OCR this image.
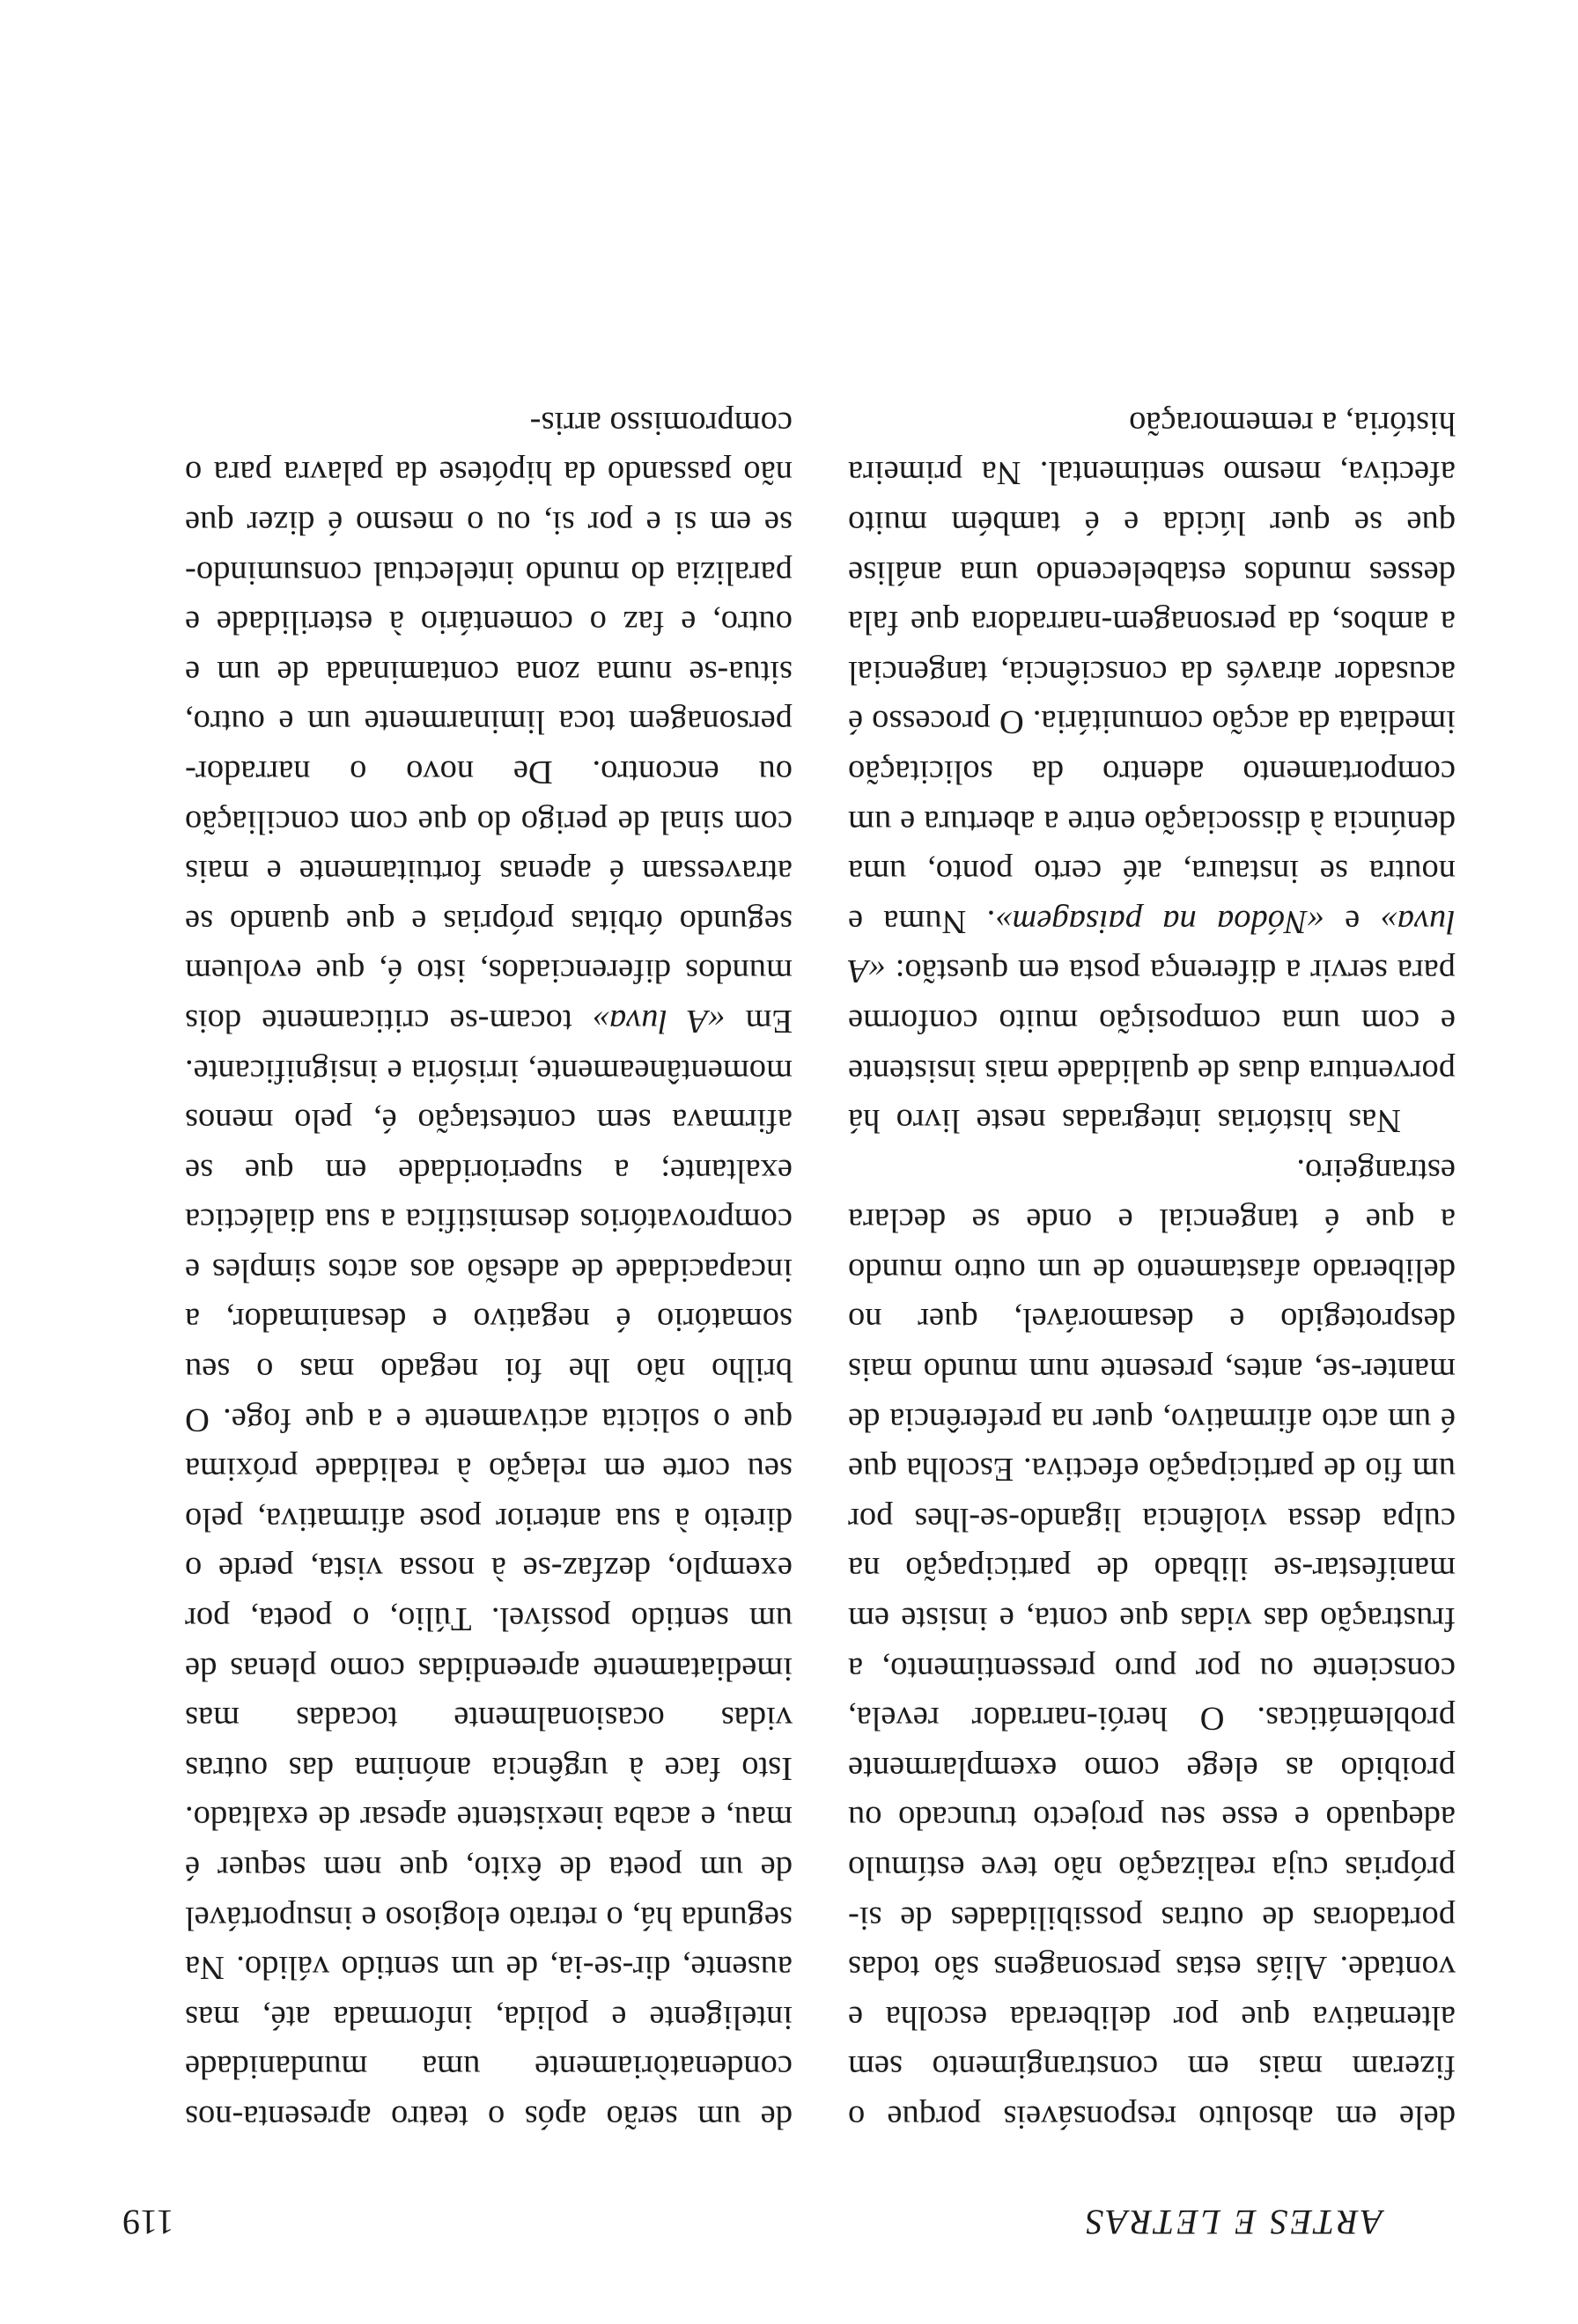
ARTES E LETRAS
119

dele em absoluto responsáveis porque o fizeram mais em constrangimento sem alternativa que por deliberada escolha e vontade. Aliás estas personagens são todas portadoras de outras possibilidades de si-próprias cuja realização não teve estímulo adequado e esse seu projecto truncado ou proibido as elege como exemplarmente problemáticas. O herói-narrador revela, consciente ou por puro pressentimento, a frustração das vidas que conta, e insiste em manifestar-se ilibado de participação na culpa dessa violência ligando-se-lhes por um fio de participação efectiva. Escolha que é um acto afirmativo, quer na preferência de manter-se, antes, presente num mundo mais desprotegido e desamorável, quer no deliberado afastamento de um outro mundo a que é tangencial e onde se declara estrangeiro.

Nas histórias integradas neste livro há porventura duas de qualidade mais insistente e com uma composição muito conforme para servir a diferença posta em questão: «A luva» e «Nódoa na paisagem». Numa e noutra se instaura, até certo ponto, uma denúncia à dissociação entre a abertura e um comportamento adentro da solicitação imediata da acção comunitária. O processo é acusador através da consciência, tangencial a ambos, da personagem-narradora que fala desses mundos estabelecendo uma análise que se quer lúcida e é também muito afectiva, mesmo sentimental. Na primeira história, a rememoração

de um serão após o teatro apresenta-nos condenatòriamente uma mundanidade inteligente e polida, informada até, mas ausente, dir-se-ia, de um sentido válido. Na segunda há, o retrato elogioso e insuportável de um poeta de êxito, que nem sequer é mau, e acaba inexistente apesar de exaltado. Isto face à urgência anónima das outras vidas ocasionalmente tocadas mas imediatamente apreendidas como plenas de um sentido possível. Túlio, o poeta, por exemplo, dezfaz-se à nossa vista, perde o direito à sua anterior pose afirmativa, pelo seu corte em relação à realidade próxima que o solicita activamente e a que foge. O brilho não lhe foi negado mas o seu somatório é negativo e desanimador, a incapacidade de adesão aos actos simples e comprovatórios desmistifica a sua dialéctica exaltante; a superioridade em que se afirmava sem contestação é, pelo menos momentâneamente, irrisória e insignificante. Em «A luva» tocam-se criticamente dois mundos diferenciados, isto é, que evoluem segundo órbitas próprias e que quando se atravessam é apenas fortuitamente e mais com sinal de perigo do que com conciliação ou encontro. De novo o narrador-personagem toca liminarmente um e outro, situa-se numa zona contaminada de um e outro, e faz o comentário à esterilidade e paralizia do mundo intelectual consumindo-se em si e por si, ou o mesmo é dizer que não passando da hipótese da palavra para o compromisso arris-
